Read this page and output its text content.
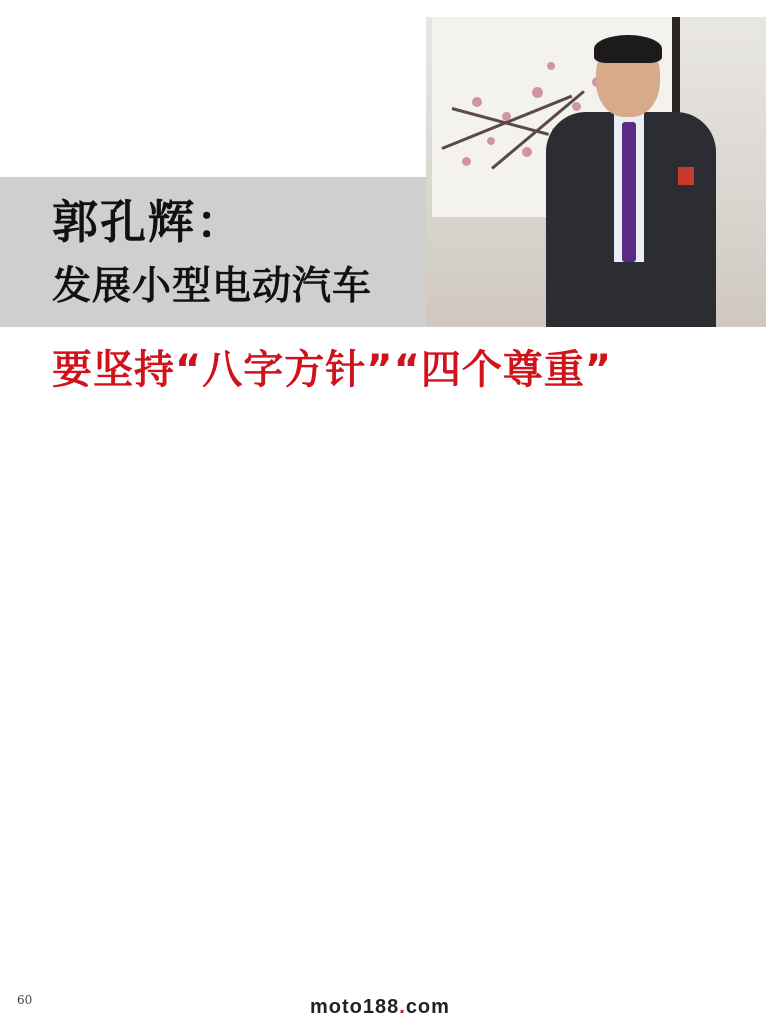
郭孔辉：
发展小型电动汽车
要坚持“八字方针”“四个尊重”
60	moto188.com
